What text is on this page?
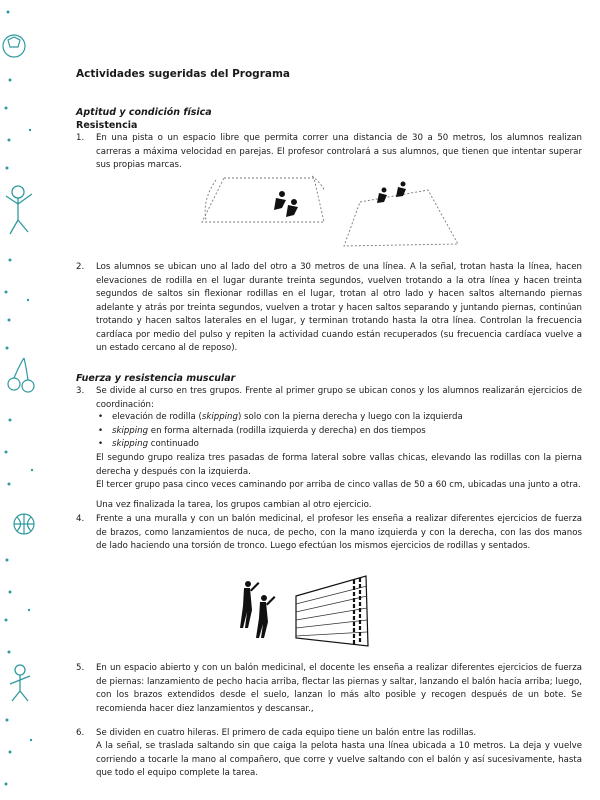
Actividades sugeridas del Programa
Aptitud y condición física
Resistencia
1.	En una pista o un espacio libre que permita correr una distancia de 30 a 50 metros, los alumnos realizan carreras a máxima velocidad en parejas. El profesor controlará a sus alumnos, que tienen que intentar superar sus propias marcas.
2.	Los alumnos se ubican uno al lado del otro a 30 metros de una línea. A la señal, trotan hasta la línea, hacen elevaciones de rodilla en el lugar durante treinta segundos, vuelven trotando a la otra línea y hacen treinta segundos de saltos sin flexionar rodillas en el lugar, trotan al otro lado y hacen saltos alternando piernas adelante y atrás por treinta segundos, vuelven a trotar y hacen saltos separando y juntando piernas, continúan trotando y hacen saltos laterales en el lugar, y terminan trotando hasta la otra línea. Controlan la frecuencia cardíaca por medio del pulso y repiten la actividad cuando están recuperados (su frecuencia cardíaca vuelve a un estado cercano al de reposo).
Fuerza y resistencia muscular
3.	Se divide al curso en tres grupos. Frente al primer grupo se ubican conos y los alumnos realizarán ejercicios de coordinación:
• elevación de rodilla (skipping) solo con la pierna derecha y luego con la izquierda
• skipping en forma alternada (rodilla izquierda y derecha) en dos tiempos
• skipping continuado

El segundo grupo realiza tres pasadas de forma lateral sobre vallas chicas, elevando las rodillas con la pierna derecha y después con la izquierda.

El tercer grupo pasa cinco veces caminando por arriba de cinco vallas de 50 a 60 cm, ubicadas una junto a otra.

Una vez finalizada la tarea, los grupos cambian al otro ejercicio.

4.	Frente a una muralla y con un balón medicinal, el profesor les enseña a realizar diferentes ejercicios de fuerza de brazos, como lanzamientos de nuca, de pecho, con la mano izquierda y con la derecha, con las dos manos de lado haciendo una torsión de tronco. Luego efectúan los mismos ejercicios de rodillas y sentados.
5.	En un espacio abierto y con un balón medicinal, el docente les enseña a realizar diferentes ejercicios de fuerza de piernas: lanzamiento de pecho hacia arriba, flectar las piernas y saltar, lanzando el balón hacia arriba; luego, con los brazos extendidos desde el suelo, lanzan lo más alto posible y recogen después de un bote. Se recomienda hacer diez lanzamientos y descansar.,
6.	Se dividen en cuatro hileras. El primero de cada equipo tiene un balón entre las rodillas.

A la señal, se traslada saltando sin que caiga la pelota hasta una línea ubicada a 10 metros. La deja y vuelve corriendo a tocarle la mano al compañero, que corre y vuelve saltando con el balón y así sucesivamente, hasta que todo el equipo complete la tarea.
